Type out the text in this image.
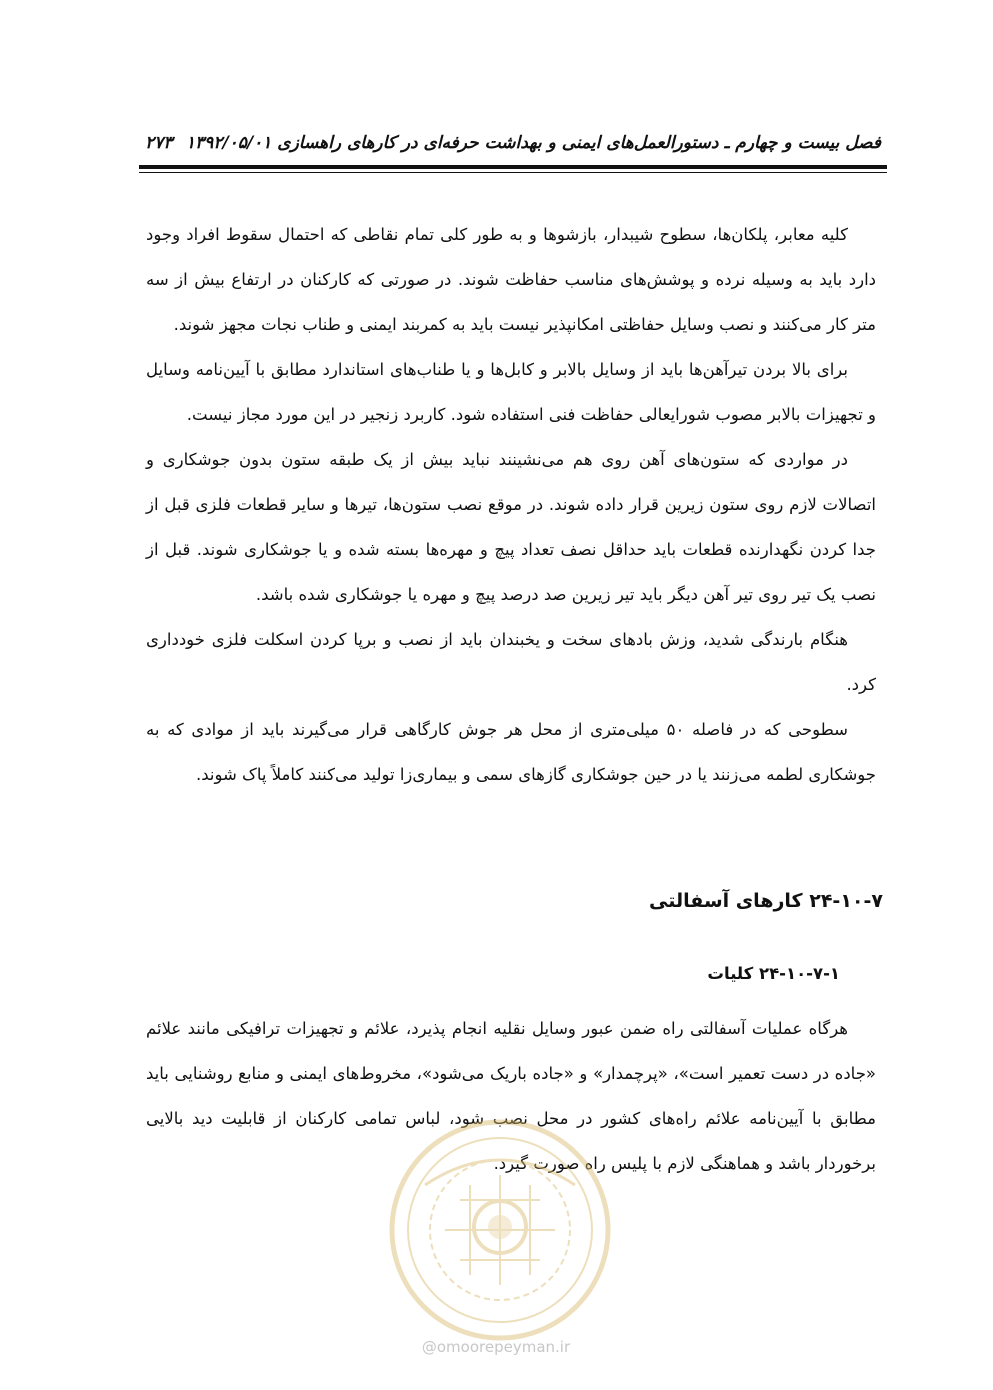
فصل بیست و چهارم ـ دستورالعمل‌های ایمنی و بهداشت حرفه‌ای در کارهای راهسازی ۱۳۹۲/۰۵/۰۱
۲۷۳

کلیه معابر، پلکان‌ها، سطوح شیبدار، بازشوها و به طور کلی تمام نقاطی که احتمال سقوط افراد وجود دارد باید به وسیله نرده و پوشش‌های مناسب حفاظت شوند. در صورتی که کارکنان در ارتفاع بیش از سه متر کار می‌کنند و نصب وسایل حفاظتی امکانپذیر نیست باید به کمربند ایمنی و طناب نجات مجهز شوند.

برای بالا بردن تیرآهن‌ها باید از وسایل بالابر و کابل‌ها و یا طناب‌های استاندارد مطابق با آیین‌نامه وسایل و تجهیزات بالابر مصوب شورایعالی حفاظت فنی استفاده شود. کاربرد زنجیر در این مورد مجاز نیست.

در مواردی که ستون‌های آهن روی هم می‌نشینند نباید بیش از یک طبقه ستون بدون جوشکاری و اتصالات لازم روی ستون زیرین قرار داده شوند. در موقع نصب ستون‌ها، تیرها و سایر قطعات فلزی قبل از جدا کردن نگهدارنده قطعات باید حداقل نصف تعداد پیچ و مهره‌ها بسته شده و یا جوشکاری شوند. قبل از نصب یک تیر روی تیر آهن دیگر باید تیر زیرین صد درصد پیچ و مهره یا جوشکاری شده باشد.

هنگام بارندگی شدید، وزش بادهای سخت و یخبندان باید از نصب و برپا کردن اسکلت فلزی خودداری کرد.

سطوحی که در فاصله ۵۰ میلی‌متری از محل هر جوش کارگاهی قرار می‌گیرند باید از موادی که به جوشکاری لطمه می‌زنند یا در حین جوشکاری گازهای سمی و بیماری‌زا تولید می‌کنند کاملاً پاک شوند.

۲۴-۱۰-۷ کارهای آسفالتی
۲۴-۱۰-۷-۱ کلیات

هرگاه عملیات آسفالتی راه ضمن عبور وسایل نقلیه انجام پذیرد، علائم و تجهیزات ترافیکی مانند علائم «جاده در دست تعمیر است»، «پرچمدار» و «جاده باریک می‌شود»، مخروط‌های ایمنی و منابع روشنایی باید مطابق با آیین‌نامه علائم راه‌های کشور در محل نصب شود، لباس تمامی کارکنان از قابلیت دید بالایی برخوردار باشد و هماهنگی لازم با پلیس راه صورت گیرد.

@omoorepeyman.ir
